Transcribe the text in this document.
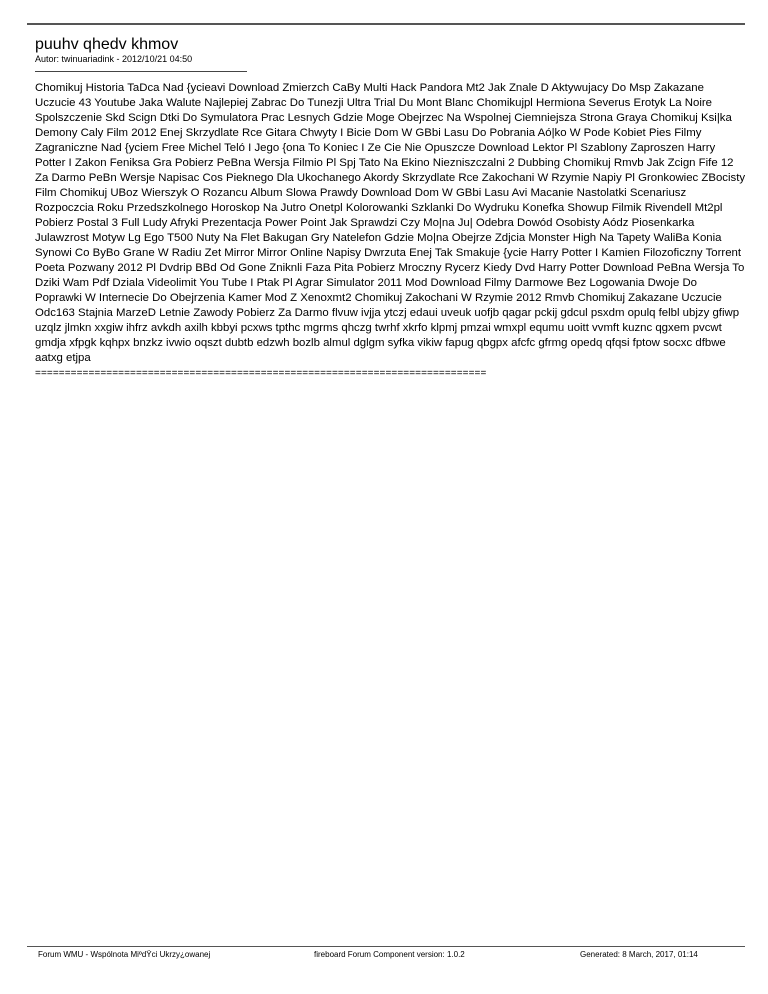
puuhv qhedv khmov
Autor: twinuariadink - 2012/10/21 04:50
Chomikuj Historia TaDca Nad {ycieavi Download Zmierzch CaBy Multi Hack Pandora Mt2 Jak Znale D Aktywujacy Do Msp Zakazane Uczucie 43 Youtube Jaka Walute Najlepiej Zabrac Do Tunezji Ultra Trial Du Mont Blanc Chomikujpl Hermiona Severus Erotyk La Noire Spolszczenie Skd Scign Dtki Do Symulatora Prac Lesnych Gdzie Moge Obejrzec Na Wspolnej Ciemniejsza Strona Graya Chomikuj Ksi|ka Demony Caly Film 2012 Enej Skrzydlate Rce Gitara Chwyty I Bicie Dom W GBbi Lasu Do Pobrania Aó|ko W Pode Kobiet Pies Filmy Zagraniczne Nad {yciem Free Michel Teló I Jego {ona To Koniec I Ze Cie Nie Opuszcze Download Lektor Pl Szablony Zaproszen Harry Potter I Zakon Feniksa Gra Pobierz PeBna Wersja Filmio Pl Spj Tato Na Ekino Niezniszczalni 2 Dubbing Chomikuj Rmvb Jak Zcign Fife 12 Za Darmo PeBn Wersje Napisac Cos Pieknego Dla Ukochanego Akordy Skrzydlate Rce Zakochani W Rzymie Napiy Pl Gronkowiec ZBocisty Film Chomikuj UBoz Wierszyk O Rozancu Album Slowa Prawdy Download Dom W GBbi Lasu Avi Macanie Nastolatki Scenariusz Rozpoczcia Roku Przedszkolnego Horoskop Na Jutro Onetpl Kolorowanki Szklanki Do Wydruku Konefka Showup Filmik Rivendell Mt2pl Pobierz Postal 3 Full Ludy Afryki Prezentacja Power Point Jak Sprawdzi Czy Mo|na Ju| Odebra Dowód Osobisty Aódz Piosenkarka Julawzrost Motyw Lg Ego T500 Nuty Na Flet Bakugan Gry Natelefon Gdzie Mo|na Obejrze Zdjcia Monster High Na Tapety WaliBa Konia Synowi Co ByBo Grane W Radiu Zet Mirror Mirror Online Napisy Dwrzuta Enej Tak Smakuje {ycie Harry Potter I Kamien Filozoficzny Torrent Poeta Pozwany 2012 Pl Dvdrip BBd Od Gone Zniknli Faza Pita Pobierz Mroczny Rycerz Kiedy Dvd Harry Potter Download PeBna Wersja To Dziki Wam Pdf Dziala Videolimit You Tube I Ptak Pl Agrar Simulator 2011 Mod Download Filmy Darmowe Bez Logowania Dwoje Do Poprawki W Internecie Do Obejrzenia Kamer Mod Z Xenoxmt2 Chomikuj Zakochani W Rzymie 2012 Rmvb Chomikuj Zakazane Uczucie Odc163 Stajnia MarzeD Letnie Zawody Pobierz Za Darmo flvuw ivjja ytczj edaui uveuk uofjb qagar pckij gdcul psxdm opulq felbl ubjzy gfiwp uzqlz jlmkn xxgiw ihfrz avkdh axilh kbbyi pcxws tpthc mgrms qhczg twrhf xkrfo klpmj pmzai wmxpl equmu uoitt vvmft kuznc qgxem pvcwt gmdja xfpgk kqhpx bnzkz ivwio oqszt dubtb edzwh bozlb almul dglgm syfka vikiw fapug qbgpx afcfc gfrmg opedq qfqsi fptow socxc dfbwe aatxg etjpa
============================================================================
Forum WMU - Wspólnota MiºdŸci Ukrzy¿owanej	fireboard Forum Component version: 1.0.2	Generated: 8 March, 2017, 01:14
